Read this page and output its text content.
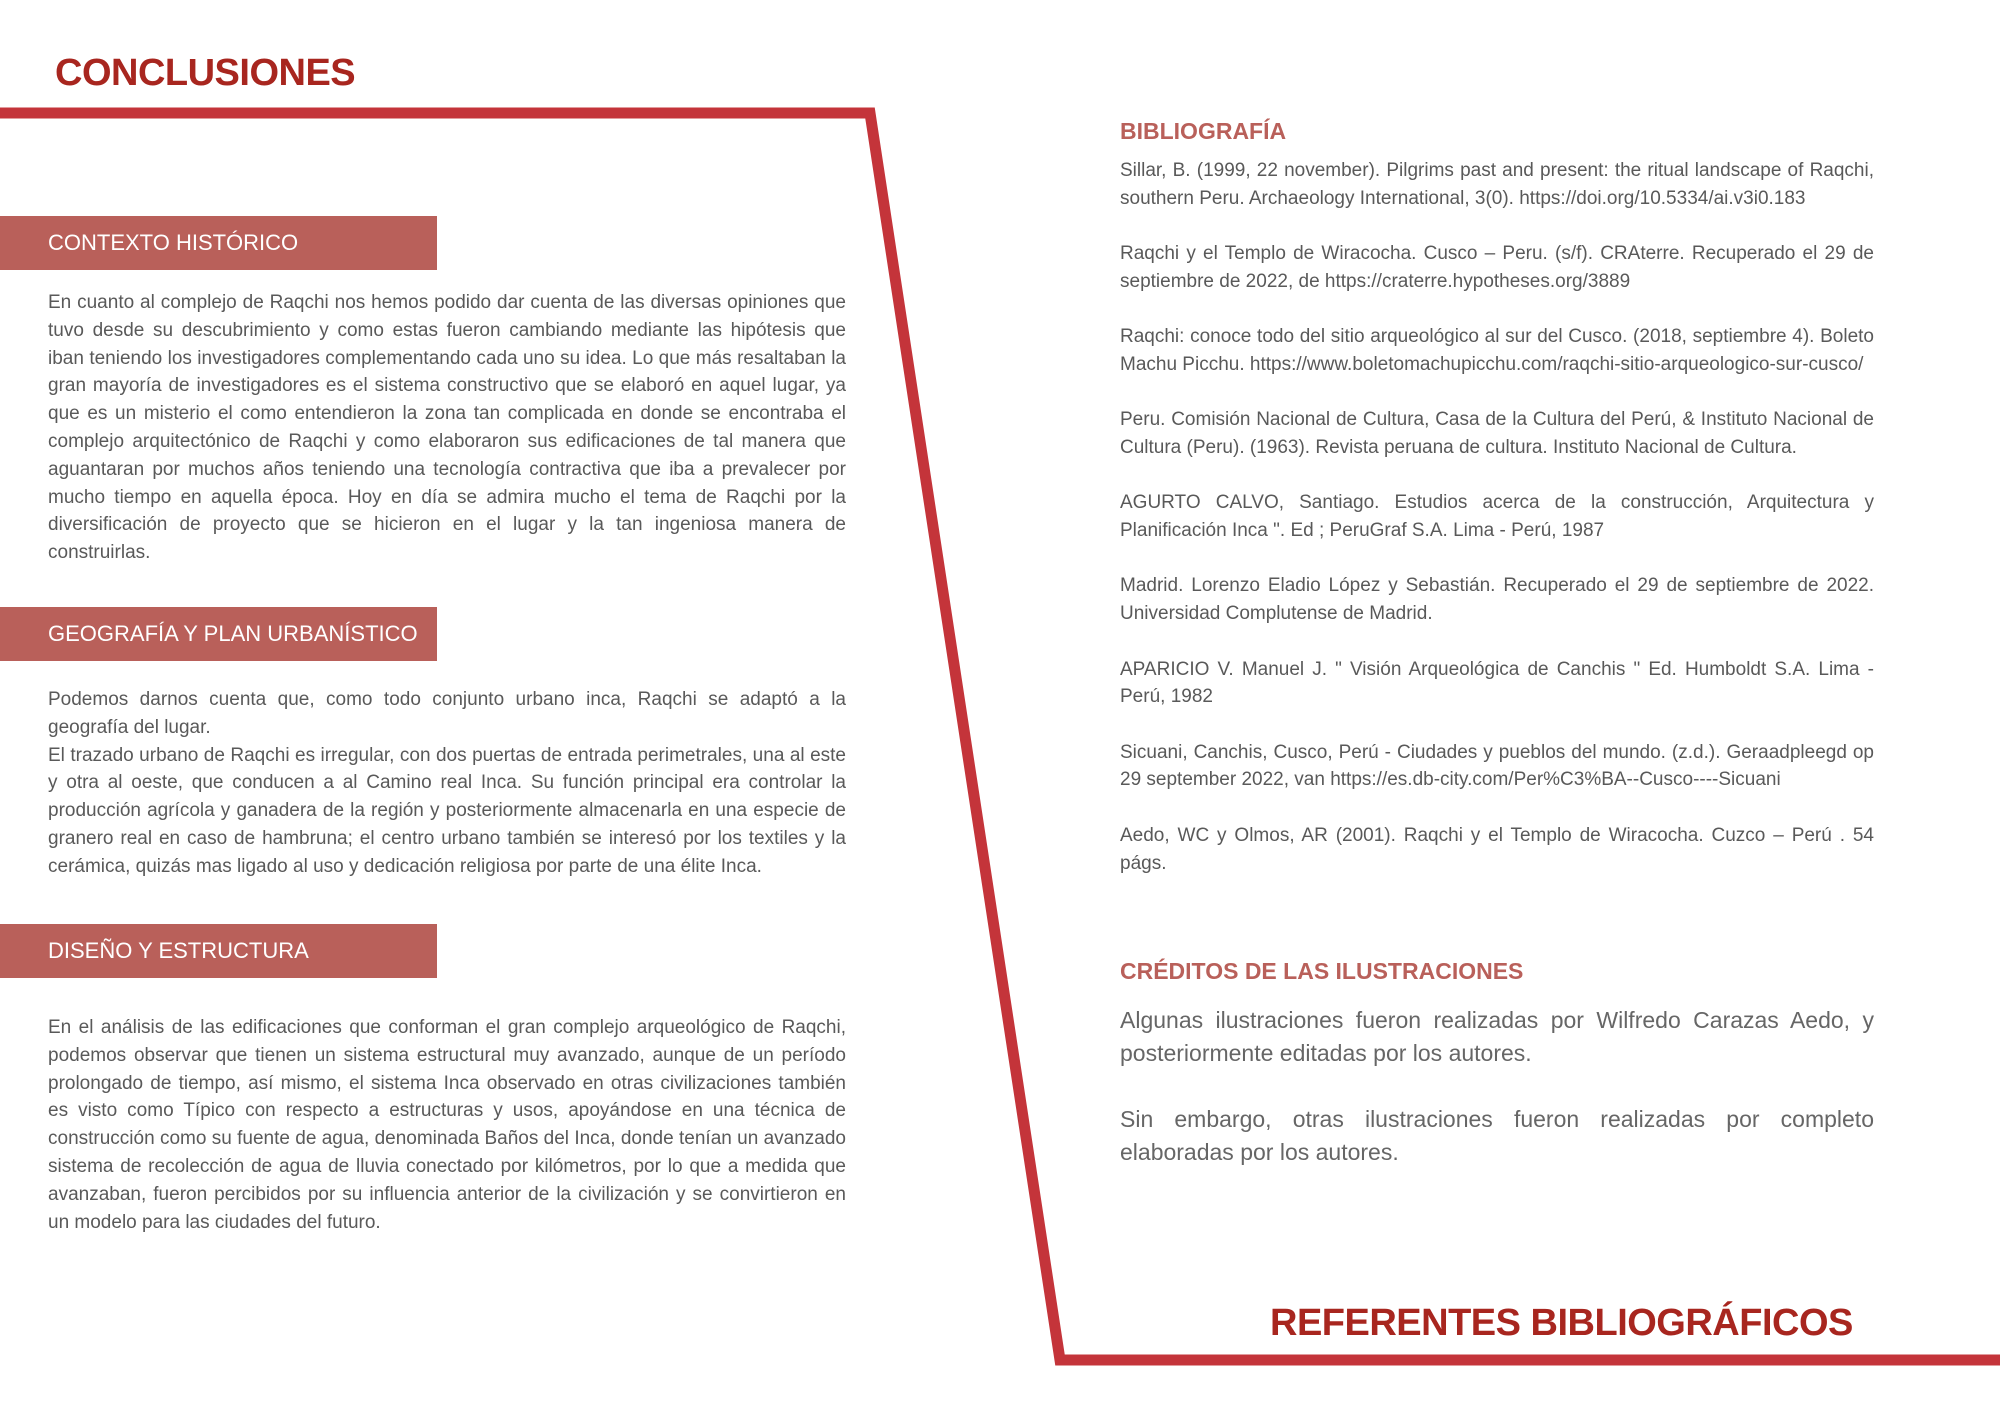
CONCLUSIONES
CONTEXTO HISTÓRICO
En cuanto al complejo de Raqchi nos hemos podido dar cuenta de las diversas opiniones que tuvo desde su descubrimiento y como estas fueron cambiando mediante las hipótesis que iban teniendo los investigadores complementando cada uno su idea. Lo que más resaltaban la gran mayoría de investigadores es el sistema constructivo que se elaboró en aquel lugar, ya que es un misterio el como entendieron la zona tan complicada en donde se encontraba el complejo arquitectónico de Raqchi y como elaboraron sus edificaciones de tal manera que aguantaran por muchos años teniendo una tecnología contractiva que iba a prevalecer por mucho tiempo en aquella época. Hoy en día se admira mucho el tema de Raqchi por la diversificación de proyecto que se hicieron en el lugar y la tan ingeniosa manera de construirlas.
GEOGRAFÍA Y PLAN URBANÍSTICO
Podemos darnos cuenta que, como todo conjunto urbano inca, Raqchi se adaptó a la geografía del lugar.
El trazado urbano de Raqchi es irregular, con dos puertas de entrada perimetrales, una al este y otra al oeste, que conducen a al Camino real Inca. Su función principal era controlar la producción agrícola y ganadera de la región y posteriormente almacenarla en una especie de granero real en caso de hambruna; el centro urbano también se interesó por los textiles y la cerámica, quizás mas ligado al uso y dedicación religiosa por parte de una élite Inca.
DISEÑO Y ESTRUCTURA
En el análisis de las edificaciones que conforman el gran complejo arqueológico de Raqchi, podemos observar que tienen un sistema estructural muy avanzado, aunque de un período prolongado de tiempo, así mismo, el sistema Inca observado en otras civilizaciones también es visto como Típico con respecto a estructuras y usos, apoyándose en una técnica de construcción como su fuente de agua, denominada Baños del Inca, donde tenían un avanzado sistema de recolección de agua de lluvia conectado por kilómetros, por lo que a medida que avanzaban, fueron percibidos por su influencia anterior de la civilización y se convirtieron en un modelo para las ciudades del futuro.
BIBLIOGRAFÍA
Sillar, B. (1999, 22 november). Pilgrims past and present: the ritual landscape of Raqchi, southern Peru. Archaeology International, 3(0). https://doi.org/10.5334/ai.v3i0.183
Raqchi y el Templo de Wiracocha. Cusco – Peru. (s/f). CRAterre. Recuperado el 29 de septiembre de 2022, de https://craterre.hypotheses.org/3889
Raqchi: conoce todo del sitio arqueológico al sur del Cusco. (2018, septiembre 4). Boleto Machu Picchu. https://www.boletomachupicchu.com/raqchi-sitio-arqueologico-sur-cusco/
Peru. Comisión Nacional de Cultura, Casa de la Cultura del Perú, & Instituto Nacional de Cultura (Peru). (1963). Revista peruana de cultura. Instituto Nacional de Cultura.
AGURTO CALVO, Santiago. Estudios acerca de la construcción, Arquitectura y Planificación Inca ". Ed ; PeruGraf S.A. Lima - Perú, 1987
Madrid. Lorenzo Eladio López y Sebastián. Recuperado el 29 de septiembre de 2022. Universidad Complutense de Madrid.
APARICIO V. Manuel J. " Visión Arqueológica de Canchis " Ed. Humboldt S.A. Lima - Perú, 1982
Sicuani, Canchis, Cusco, Perú - Ciudades y pueblos del mundo. (z.d.). Geraadpleegd op 29 september 2022, van https://es.db-city.com/Per%C3%BA--Cusco----Sicuani
Aedo, WC y Olmos, AR (2001). Raqchi y el Templo de Wiracocha. Cuzco – Perú . 54 págs.
CRÉDITOS DE LAS ILUSTRACIONES

Algunas ilustraciones fueron realizadas por Wilfredo Carazas Aedo, y posteriormente editadas por los autores.

Sin embargo, otras ilustraciones fueron realizadas por completo elaboradas por los autores.

REFERENTES BIBLIOGRÁFICOS
